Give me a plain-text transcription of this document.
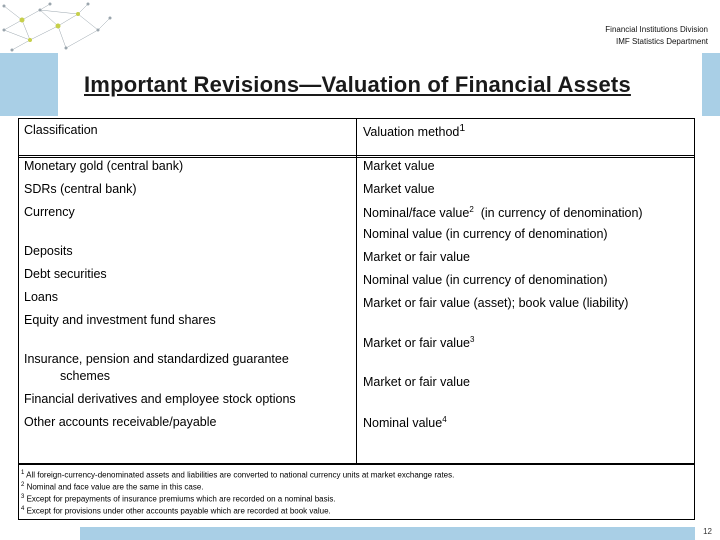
Financial Institutions Division
IMF Statistics Department
Important Revisions—Valuation of Financial Assets
Classification	Valuation method$^1$
Monetary gold (central bank)
SDRs (central bank)
Currency
Deposits
Debt securities
Loans
Equity and investment fund shares
Insurance, pension and standardized guarantee
schemes
Financial derivatives and employee stock options
Other accounts receivable/payable
Market value
Market value
Nominal/face value$^2$  (in currency of denomination)
Nominal value (in currency of denomination)
Market or fair value
Nominal value (in currency of denomination)
Market or fair value (asset); book value (liability)
Market or fair value$^3$
Market or fair value
Nominal value$^4$
$^1$ All foreign-currency-denominated assets and liabilities are converted to national currency units at market exchange rates.
$^2$ Nominal and face value are the same in this case.
$^3$ Except for prepayments of insurance premiums which are recorded on a nominal basis.
$^4$ Except for provisions under other accounts payable which are recorded at book value.
12
